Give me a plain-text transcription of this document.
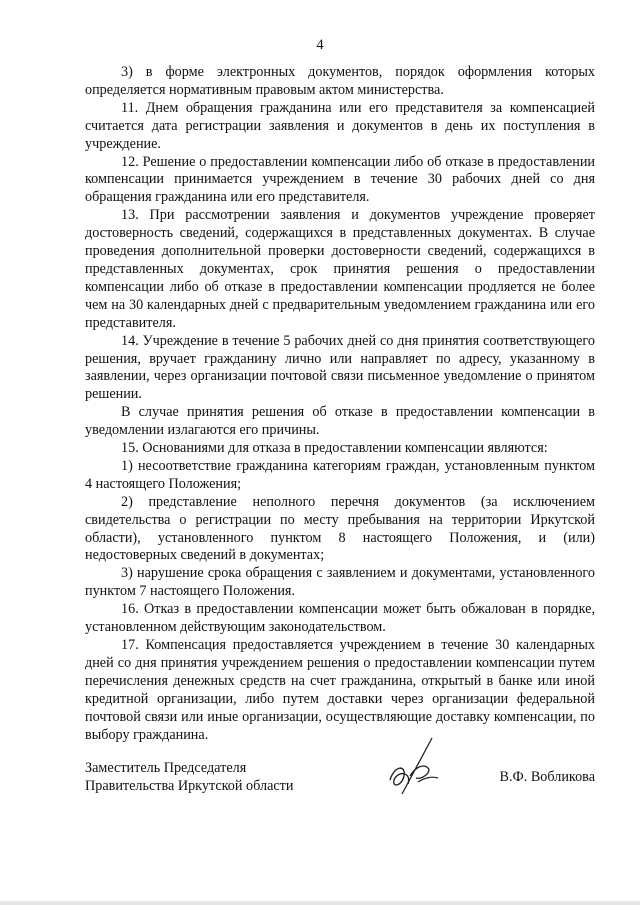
4

3) в форме электронных документов, порядок оформления которых определяется нормативным правовым актом министерства.

11. Днем обращения гражданина или его представителя за компенсацией считается дата регистрации заявления и документов в день их поступления в учреждение.

12. Решение о предоставлении компенсации либо об отказе в предоставлении компенсации принимается учреждением в течение 30 рабочих дней со дня обращения гражданина или его представителя.

13. При рассмотрении заявления и документов учреждение проверяет достоверность сведений, содержащихся в представленных документах. В случае проведения дополнительной проверки достоверности сведений, содержащихся в представленных документах, срок принятия решения о предоставлении компенсации либо об отказе в предоставлении компенсации продляется не более чем на 30 календарных дней с предварительным уведомлением гражданина или его представителя.

14. Учреждение в течение 5 рабочих дней со дня принятия соответствующего решения, вручает гражданину лично или направляет по адресу, указанному в заявлении, через организации почтовой связи письменное уведомление о принятом решении.

В случае принятия решения об отказе в предоставлении компенсации в уведомлении излагаются его причины.

15. Основаниями для отказа в предоставлении компенсации являются:

1) несоответствие гражданина категориям граждан, установленным пунктом 4 настоящего Положения;

2) представление неполного перечня документов (за исключением свидетельства о регистрации по месту пребывания на территории Иркутской области), установленного пунктом 8 настоящего Положения, и (или) недостоверных сведений в документах;

3) нарушение срока обращения с заявлением и документами, установленного пунктом 7 настоящего Положения.

16. Отказ в предоставлении компенсации может быть обжалован в порядке, установленном действующим законодательством.

17. Компенсация предоставляется учреждением в течение 30 календарных дней со дня принятия учреждением решения о предоставлении компенсации путем перечисления денежных средств на счет гражданина, открытый в банке или иной кредитной организации, либо путем доставки через организации федеральной почтовой связи или иные организации, осуществляющие доставку компенсации, по выбору гражданина.

Заместитель Председателя
Правительства Иркутской области
В.Ф. Вобликова
